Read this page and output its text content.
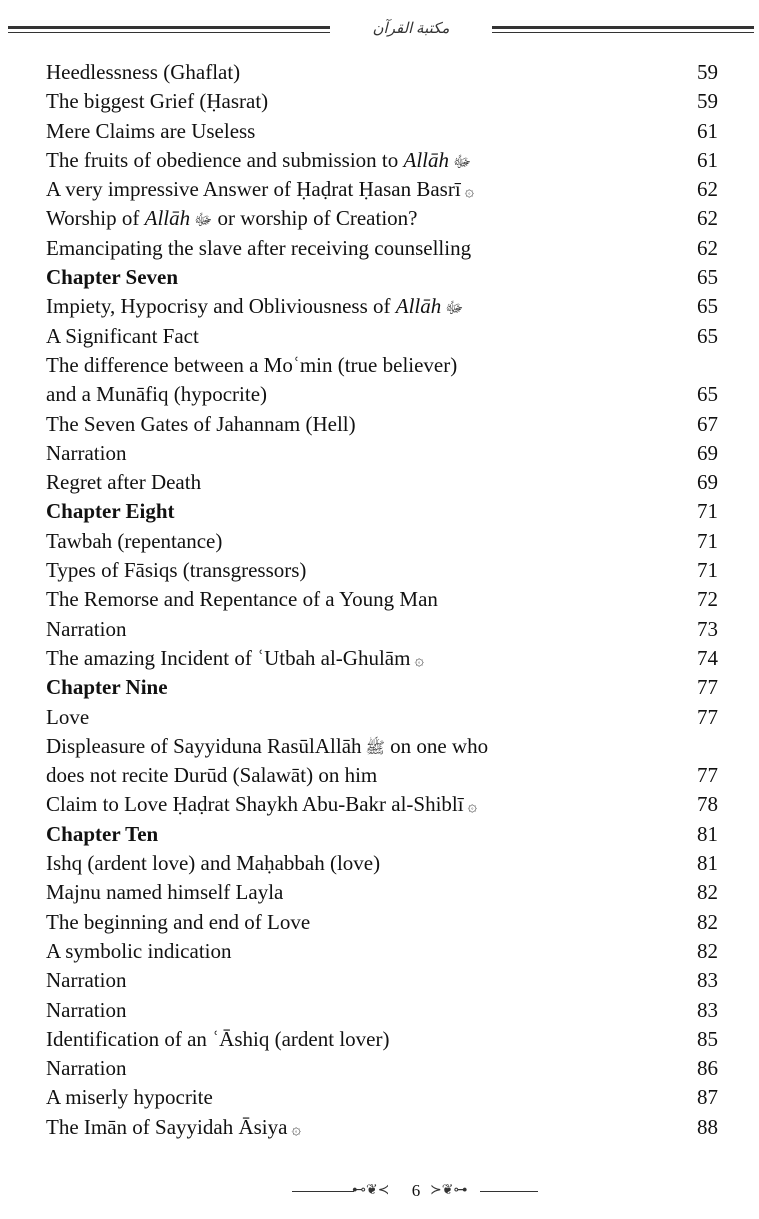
مكتبة القرآن
Heedlessness (Ghaflat)	59
The biggest Grief (Ḥasrat)	59
Mere Claims are Useless	61
The fruits of obedience and submission to Allāh ﷻ	61
A very impressive Answer of Ḥaḍrat Ḥasan Basrī ۞	62
Worship of Allāh ﷻ or worship of Creation?	62
Emancipating the slave after receiving counselling	62
Chapter Seven	65
Impiety, Hypocrisy and Obliviousness of Allāh ﷻ	65
A Significant Fact	65
The difference between a Moʿmin (true believer)
and a Munāfiq (hypocrite)	65
The Seven Gates of Jahannam (Hell)	67
Narration	69
Regret after Death	69
Chapter Eight	71
Tawbah (repentance)	71
Types of Fāsiqs (transgressors)	71
The Remorse and Repentance of a Young Man	72
Narration	73
The amazing Incident of ʿUtbah al-Ghulām ۞	74
Chapter Nine	77
Love	77
Displeasure of Sayyiduna RasūlAllāh ﷺ on one who
does not recite Durūd (Salawāt) on him	77
Claim to Love Ḥaḍrat Shaykh Abu-Bakr al-Shiblī ۞	78
Chapter Ten	81
Ishq (ardent love) and Maḥabbah (love)	81
Majnu named himself Layla	82
The beginning and end of Love	82
A symbolic indication	82
Narration	83
Narration	83
Identification of an ʿĀshiq (ardent lover)	85
Narration	86
A miserly hypocrite	87
The Imān of Sayyidah Āsiya ۞	88
⊷❦≺	6 ≻❦⊶
